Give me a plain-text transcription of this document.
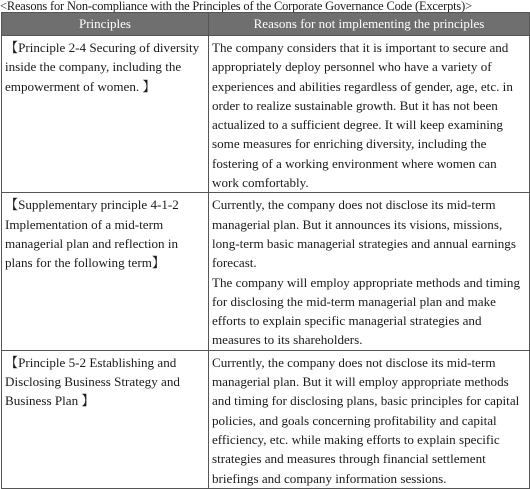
<Reasons for Non-compliance with the Principles of the Corporate Governance Code (Excerpts)>
Principles	Reasons for not implementing the principles
【Principle 2-4 Securing of diversity inside the company, including the empowerment of women. 】	The company considers that it is important to secure and appropriately deploy personnel who have a variety of experiences and abilities regardless of gender, age, etc. in order to realize sustainable growth. But it has not been actualized to a sufficient degree. It will keep examining some measures for enriching diversity, including the fostering of a working environment where women can work comfortably.

【Supplementary principle 4-1-2 Implementation of a mid-term managerial plan and reflection in plans for the following term】	Currently, the company does not disclose its mid-term managerial plan. But it announces its visions, missions, long-term basic managerial strategies and annual earnings forecast.
The company will employ appropriate methods and timing for disclosing the mid-term managerial plan and make efforts to explain specific managerial strategies and measures to its shareholders.

【Principle 5-2 Establishing and Disclosing Business Strategy and Business Plan 】	Currently, the company does not disclose its mid-term managerial plan. But it will employ appropriate methods and timing for disclosing plans, basic principles for capital policies, and goals concerning profitability and capital efficiency, etc. while making efforts to explain specific strategies and measures through financial settlement briefings and company information sessions.
